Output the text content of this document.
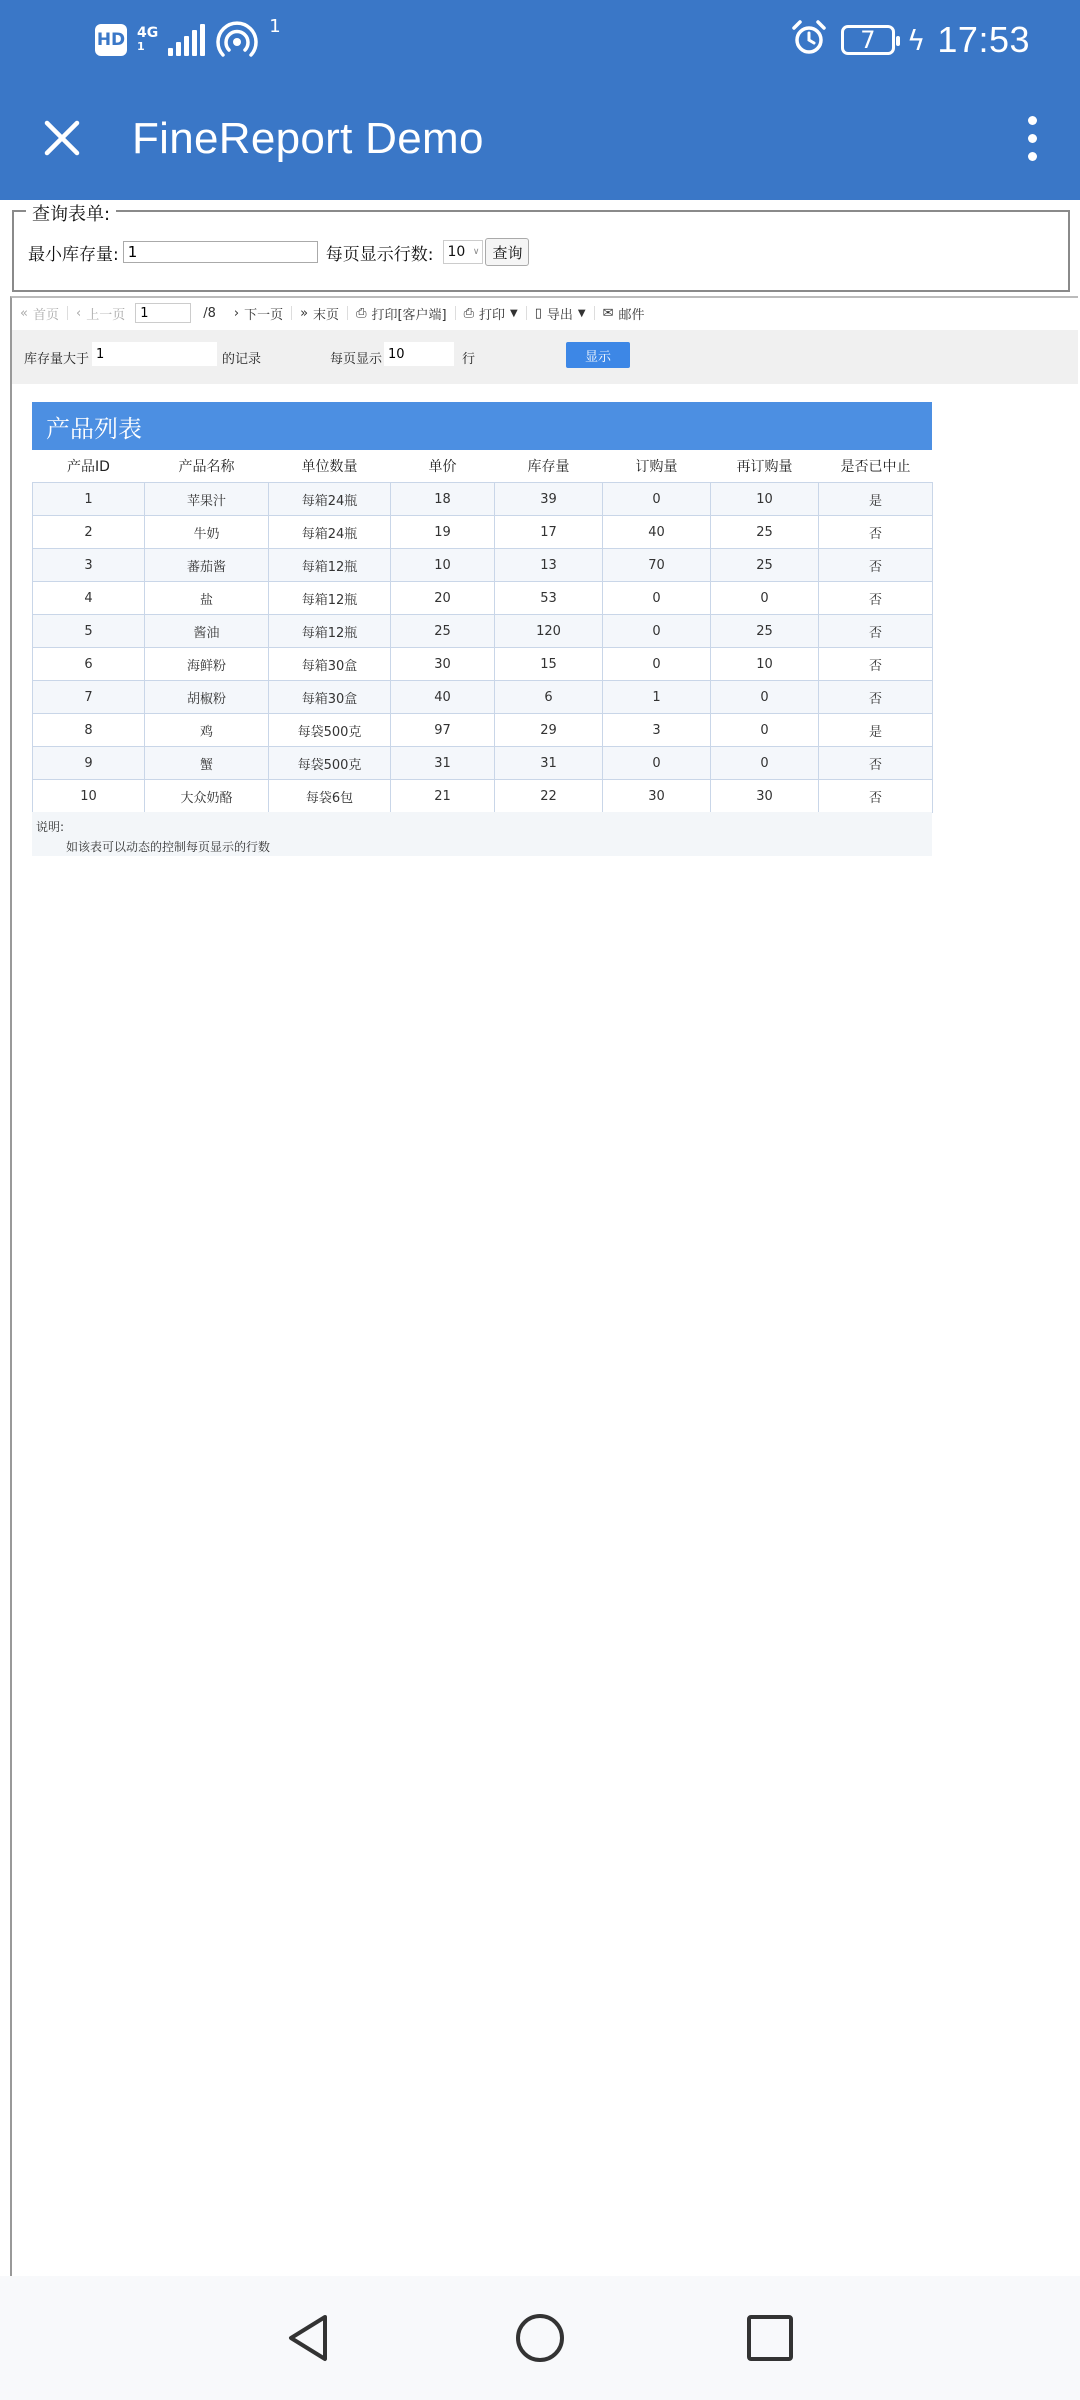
HD 4G
1
1	7 ϟ 17:53
FineReport Demo
查询表单:
最小库存量:
1	每页显示行数: 10 ∨ 查询
« 首页 ‹ 上一页
1	/8 › 下一页 » 末页 ⎙ 打印[客户端] ⎙ 打印 ▼ ▯ 导出 ▼ ✉ 邮件
库存量大于
1	的记录	每页显示
10	行	显示
产品列表
产品ID	产品名称	单位数量	单价	库存量	订购量	再订购量	是否已中止
1	苹果汁	每箱24瓶	18	39	0	10	是
2	牛奶	每箱24瓶	19	17	40	25	否
3	蕃茄酱	每箱12瓶	10	13	70	25	否
4	盐	每箱12瓶	20	53	0	0	否
5	酱油	每箱12瓶	25	120	0	25	否
6	海鲜粉	每箱30盒	30	15	0	10	否
7	胡椒粉	每箱30盒	40	6	1	0	否
8	鸡	每袋500克	97	29	3	0	是
9	蟹	每袋500克	31	31	0	0	否
10	大众奶酪	每袋6包	21	22	30	30	否
说明:
如该表可以动态的控制每页显示的行数
